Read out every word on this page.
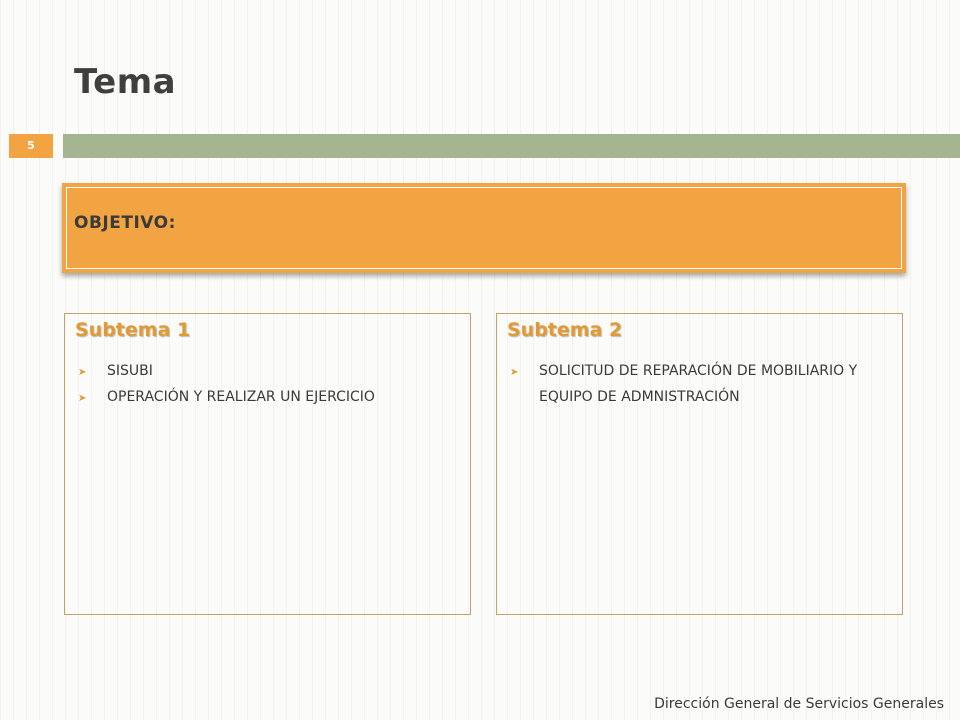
Tema
5
OBJETIVO:
Subtema 1
➤ SISUBI
➤ OPERACIÓN Y REALIZAR UN EJERCICIO
Subtema 2
➤ SOLICITUD DE REPARACIÓN DE MOBILIARIO Y EQUIPO DE ADMNISTRACIÓN
Dirección General de Servicios Generales
